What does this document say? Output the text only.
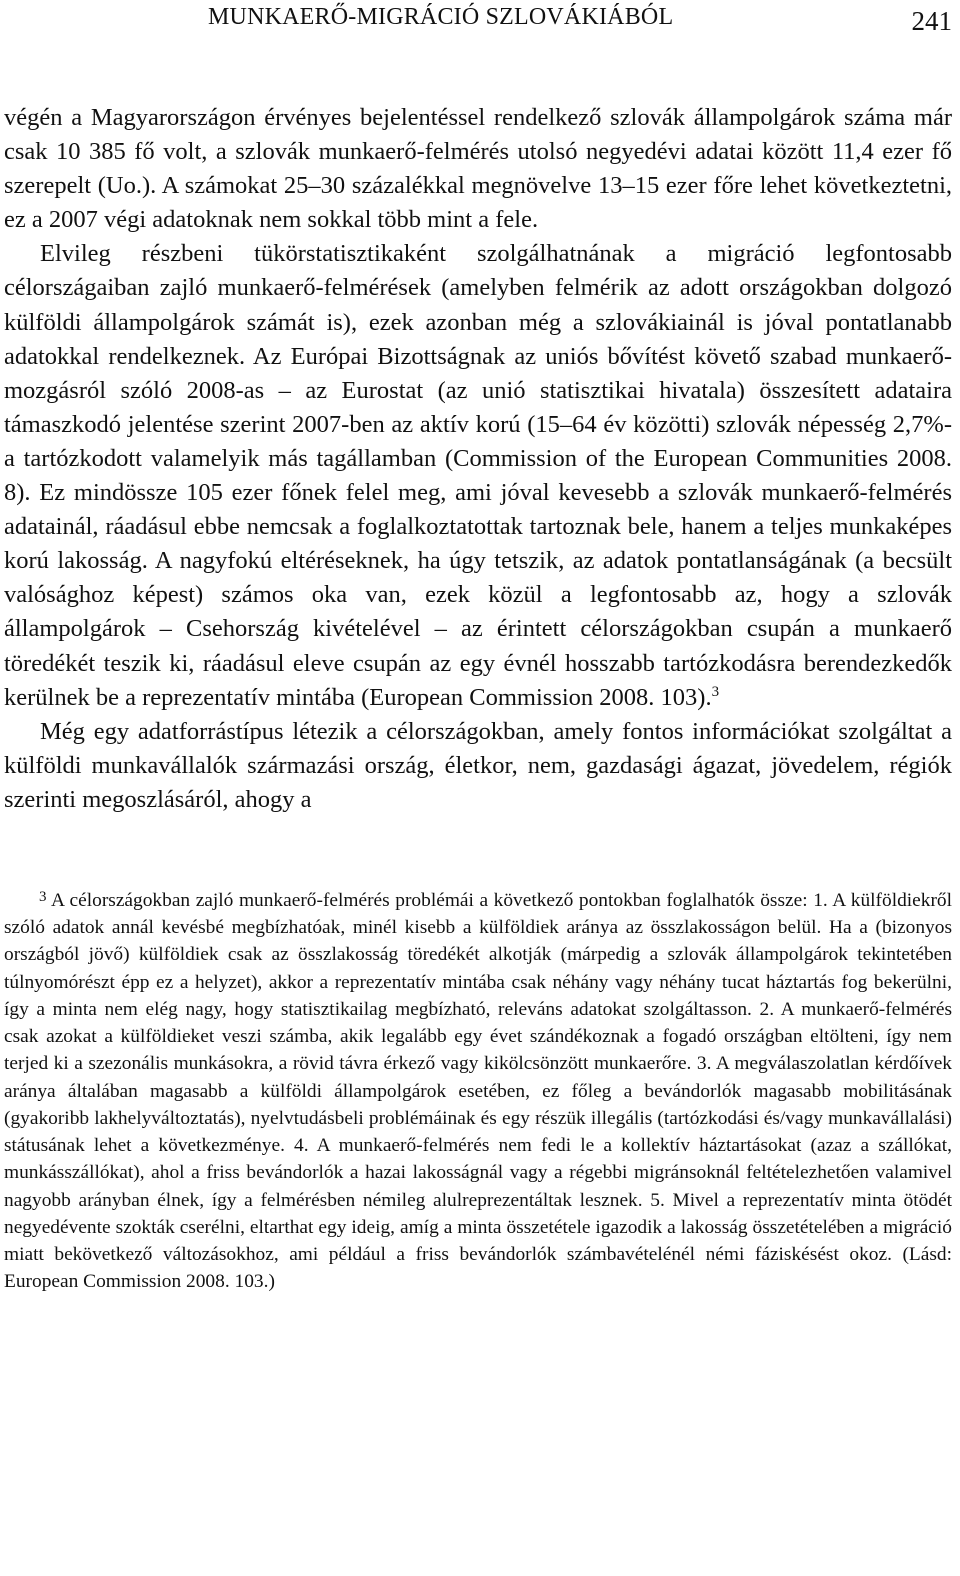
MUNKAERŐ-MIGRÁCIÓ SZLOVÁKIÁBÓL	241

végén a Magyarországon érvényes bejelentéssel rendelkező szlovák állampolgárok száma már csak 10 385 fő volt, a szlovák munkaerő-felmérés utolsó negyedévi adatai között 11,4 ezer fő szerepelt (Uo.). A számokat 25–30 százalékkal megnövelve 13–15 ezer főre lehet következtetni, ez a 2007 végi adatoknak nem sokkal több mint a fele.

Elvileg részbeni tükörstatisztikaként szolgálhatnának a migráció legfontosabb célországaiban zajló munkaerő-felmérések (amelyben felmérik az adott országokban dolgozó külföldi állampolgárok számát is), ezek azonban még a szlovákiainál is jóval pontatlanabb adatokkal rendelkeznek. Az Európai Bizottságnak az uniós bővítést követő szabad munkaerő-mozgásról szóló 2008-as – az Eurostat (az unió statisztikai hivatala) összesített adataira támaszkodó jelentése szerint 2007-ben az aktív korú (15–64 év közötti) szlovák népesség 2,7%-a tartózkodott valamelyik más tagállamban (Commission of the European Communities 2008. 8). Ez mindössze 105 ezer főnek felel meg, ami jóval kevesebb a szlovák munkaerő-felmérés adatainál, ráadásul ebbe nemcsak a foglalkoztatottak tartoznak bele, hanem a teljes munkaképes korú lakosság. A nagyfokú eltéréseknek, ha úgy tetszik, az adatok pontatlanságának (a becsült valósághoz képest) számos oka van, ezek közül a legfontosabb az, hogy a szlovák állampolgárok – Csehország kivételével – az érintett célországokban csupán a munkaerő töredékét teszik ki, ráadásul eleve csupán az egy évnél hosszabb tartózkodásra berendezkedők kerülnek be a reprezentatív mintába (European Commission 2008. 103).$^3$

Még egy adatforrástípus létezik a célországokban, amely fontos információkat szolgáltat a külföldi munkavállalók származási ország, életkor, nem, gazdasági ágazat, jövedelem, régiók szerinti megoszlásáról, ahogy a

$^3$ A célországokban zajló munkaerő-felmérés problémái a következő pontokban foglalhatók össze: 1. A külföldiekről szóló adatok annál kevésbé megbízhatóak, minél kisebb a külföldiek aránya az összlakosságon belül. Ha a (bizonyos országból jövő) külföldiek csak az összlakosság töredékét alkotják (márpedig a szlovák állampolgárok tekintetében túlnyomórészt épp ez a helyzet), akkor a reprezentatív mintába csak néhány vagy néhány tucat háztartás fog bekerülni, így a minta nem elég nagy, hogy statisztikailag megbízható, releváns adatokat szolgáltasson. 2. A munkaerő-felmérés csak azokat a külföldieket veszi számba, akik legalább egy évet szándékoznak a fogadó országban eltölteni, így nem terjed ki a szezonális munkásokra, a rövid távra érkező vagy kikölcsönzött munkaerőre. 3. A megválaszolatlan kérdőívek aránya általában magasabb a külföldi állampolgárok esetében, ez főleg a bevándorlók magasabb mobilitásának (gyakoribb lakhelyváltoztatás), nyelvtudásbeli problémáinak és egy részük illegális (tartózkodási és/vagy munkavállalási) státusának lehet a következménye. 4. A munkaerő-felmérés nem fedi le a kollektív háztartásokat (azaz a szállókat, munkásszállókat), ahol a friss bevándorlók a hazai lakosságnál vagy a régebbi migránsoknál feltételezhetően valamivel nagyobb arányban élnek, így a felmérésben némileg alulreprezentáltak lesznek. 5. Mivel a reprezentatív minta ötödét negyedévente szokták cserélni, eltarthat egy ideig, amíg a minta összetétele igazodik a lakosság összetételében a migráció miatt bekövetkező változásokhoz, ami például a friss bevándorlók számbavételénél némi fáziskésést okoz. (Lásd: European Commission 2008. 103.)
